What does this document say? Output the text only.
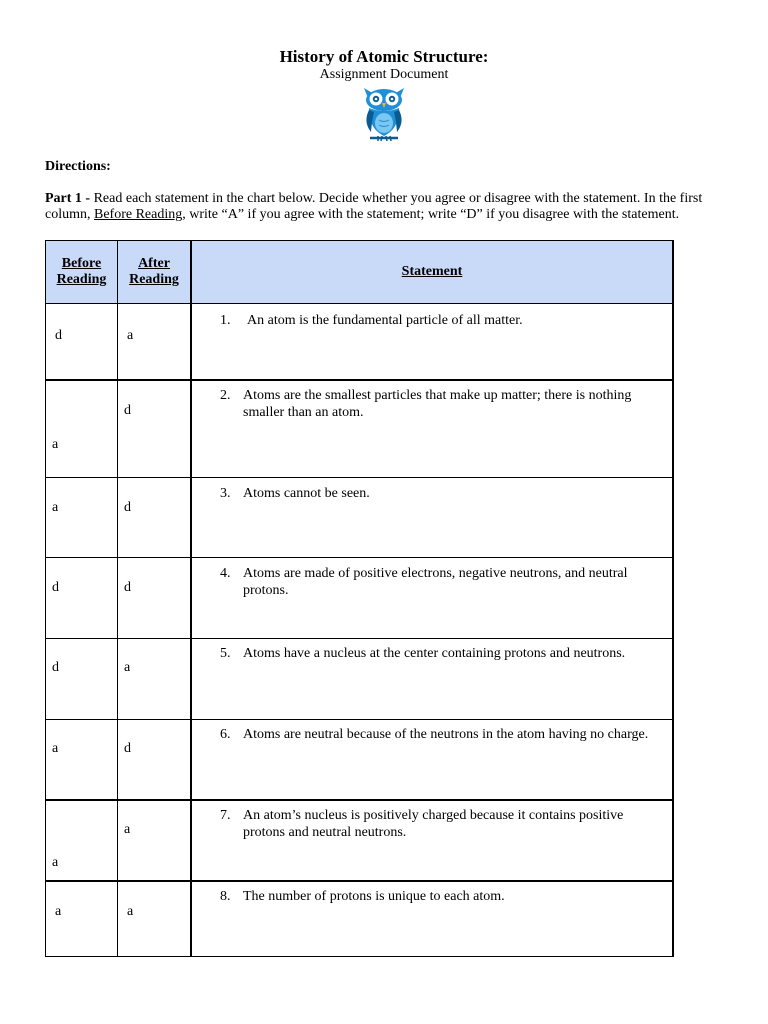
History of Atomic Structure:
Assignment Document
Directions:
Part 1 - Read each statement in the chart below. Decide whether you agree or disagree with the statement. In the first column, Before Reading, write “A” if you agree with the statement; write “D” if you disagree with the statement.
Before Reading	After Reading	Statement

d	a	1. An atom is the fundamental particle of all matter.

a	d	2. Atoms are the smallest particles that make up matter; there is nothing smaller than an atom.

a	d	3. Atoms cannot be seen.

d	d	4. Atoms are made of positive electrons, negative neutrons, and neutral protons.

d	a	5. Atoms have a nucleus at the center containing protons and neutrons.

a	d	6. Atoms are neutral because of the neutrons in the atom having no charge.

a	a	7. An atom’s nucleus is positively charged because it contains positive protons and neutral neutrons.

a	a	8. The number of protons is unique to each atom.
